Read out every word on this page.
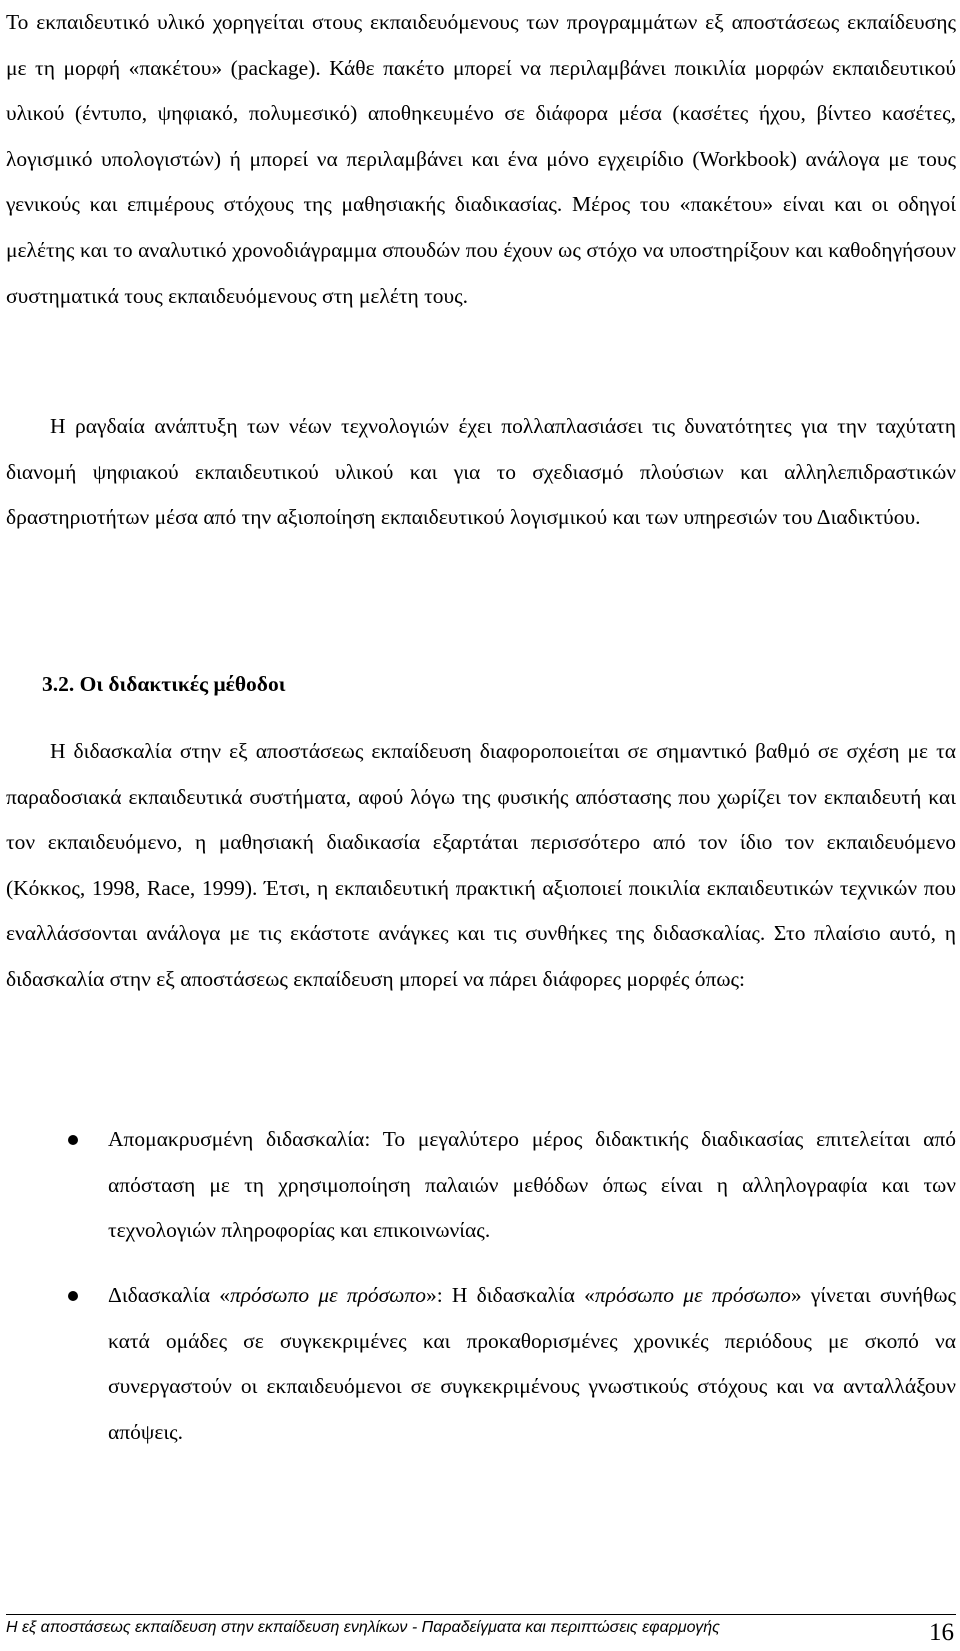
Το εκπαιδευτικό υλικό χορηγείται στους εκπαιδευόμενους των προγραμμάτων εξ αποστάσεως εκπαίδευσης με τη μορφή «πακέτου» (package). Κάθε πακέτο μπορεί να περιλαμβάνει ποικιλία μορφών εκπαιδευτικού υλικού (έντυπο, ψηφιακό, πολυμεσικό) αποθηκευμένο σε διάφορα μέσα (κασέτες ήχου, βίντεο κασέτες, λογισμικό υπολογιστών) ή μπορεί να περιλαμβάνει και ένα μόνο εγχειρίδιο (Workbook) ανάλογα με τους γενικούς και επιμέρους στόχους της μαθησιακής διαδικασίας. Μέρος του «πακέτου» είναι και οι οδηγοί μελέτης και το αναλυτικό χρονοδιάγραμμα σπουδών που έχουν ως στόχο να υποστηρίξουν και καθοδηγήσουν συστηματικά τους εκπαιδευόμενους στη μελέτη τους.

Η ραγδαία ανάπτυξη των νέων τεχνολογιών έχει πολλαπλασιάσει τις δυνατότητες για την ταχύτατη διανομή ψηφιακού εκπαιδευτικού υλικού και για το σχεδιασμό πλούσιων και αλληλεπιδραστικών δραστηριοτήτων μέσα από την αξιοποίηση εκπαιδευτικού λογισμικού και των υπηρεσιών του Διαδικτύου.

3.2. Οι διδακτικές μέθοδοι

Η διδασκαλία στην εξ αποστάσεως εκπαίδευση διαφοροποιείται σε σημαντικό βαθμό σε σχέση με τα παραδοσιακά εκπαιδευτικά συστήματα, αφού λόγω της φυσικής απόστασης που χωρίζει τον εκπαιδευτή και τον εκπαιδευόμενο, η μαθησιακή διαδικασία εξαρτάται περισσότερο από τον ίδιο τον εκπαιδευόμενο (Κόκκος, 1998, Race, 1999). Έτσι, η εκπαιδευτική πρακτική αξιοποιεί ποικιλία εκπαιδευτικών τεχνικών που εναλλάσσονται ανάλογα με τις εκάστοτε ανάγκες και τις συνθήκες της διδασκαλίας. Στο πλαίσιο αυτό, η διδασκαλία στην εξ αποστάσεως εκπαίδευση μπορεί να πάρει διάφορες μορφές όπως:

Απομακρυσμένη διδασκαλία: Το μεγαλύτερο μέρος διδακτικής διαδικασίας επιτελείται από απόσταση με τη χρησιμοποίηση παλαιών μεθόδων όπως είναι η αλληλογραφία και των τεχνολογιών πληροφορίας και επικοινωνίας.

Διδασκαλία «πρόσωπο με πρόσωπο»: Η διδασκαλία «πρόσωπο με πρόσωπο» γίνεται συνήθως κατά ομάδες σε συγκεκριμένες και προκαθορισμένες χρονικές περιόδους με σκοπό να συνεργαστούν οι εκπαιδευόμενοι σε συγκεκριμένους γνωστικούς στόχους και να ανταλλάξουν απόψεις.

Η εξ αποστάσεως εκπαίδευση στην εκπαίδευση ενηλίκων - Παραδείγματα και περιπτώσεις εφαρμογής	16
